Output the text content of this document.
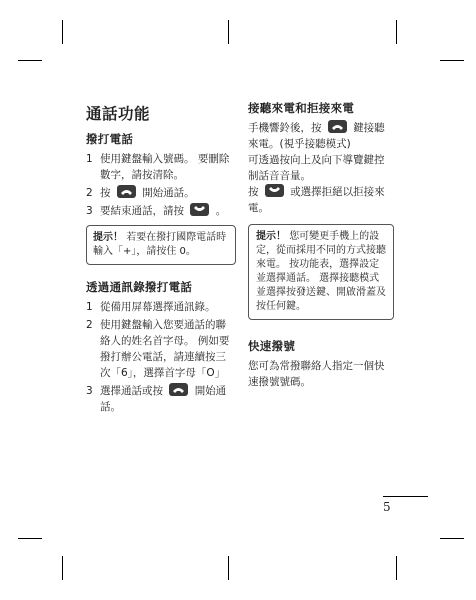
通話功能
撥打電話
1 使用鍵盤輸入號碼。 要刪除數字，請按清除。
2 按	開始通話。
3 要結束通話，請按	。
提示！ 若要在撥打國際電話時輸入「+」，請按住 0。
透過通訊錄撥打電話
1 從備用屏幕選擇通訊錄。
2 使用鍵盤輸入您要通話的聯絡人的姓名首字母。 例如要撥打辦公電話，請連續按三次「6」，選擇首字母「O」
3 選擇通話或按	開始通話。
接聽來電和拒接來電

手機響鈴後，按	鍵接聽來電。(視乎接聽模式)

可透過按向上及向下導覽鍵控制話音音量。

按	或選擇拒絕以拒接來電。

提示！ 您可變更手機上的設定，從而採用不同的方式接聽來電。 按功能表，選擇設定並選擇通話。 選擇接聽模式並選擇按發送鍵、開啟滑蓋及按任何鍵。
快速撥號

您可為常撥聯絡人指定一個快速撥號號碼。

5
